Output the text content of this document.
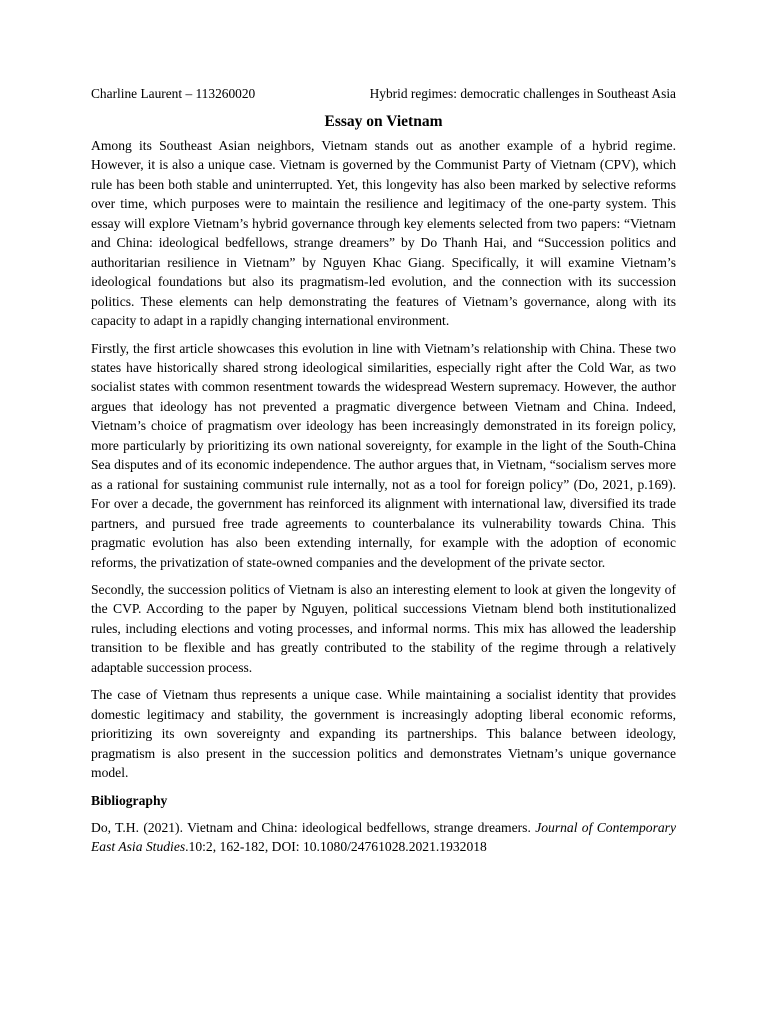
Charline Laurent – 113260020	Hybrid regimes: democratic challenges in Southeast Asia
Essay on Vietnam

Among its Southeast Asian neighbors, Vietnam stands out as another example of a hybrid regime. However, it is also a unique case. Vietnam is governed by the Communist Party of Vietnam (CPV), which rule has been both stable and uninterrupted. Yet, this longevity has also been marked by selective reforms over time, which purposes were to maintain the resilience and legitimacy of the one-party system. This essay will explore Vietnam’s hybrid governance through key elements selected from two papers: “Vietnam and China: ideological bedfellows, strange dreamers” by Do Thanh Hai, and “Succession politics and authoritarian resilience in Vietnam” by Nguyen Khac Giang. Specifically, it will examine Vietnam’s ideological foundations but also its pragmatism-led evolution, and the connection with its succession politics. These elements can help demonstrating the features of Vietnam’s governance, along with its capacity to adapt in a rapidly changing international environment.

Firstly, the first article showcases this evolution in line with Vietnam’s relationship with China. These two states have historically shared strong ideological similarities, especially right after the Cold War, as two socialist states with common resentment towards the widespread Western supremacy. However, the author argues that ideology has not prevented a pragmatic divergence between Vietnam and China. Indeed, Vietnam’s choice of pragmatism over ideology has been increasingly demonstrated in its foreign policy, more particularly by prioritizing its own national sovereignty, for example in the light of the South-China Sea disputes and of its economic independence. The author argues that, in Vietnam, “socialism serves more as a rational for sustaining communist rule internally, not as a tool for foreign policy” (Do, 2021, p.169). For over a decade, the government has reinforced its alignment with international law, diversified its trade partners, and pursued free trade agreements to counterbalance its vulnerability towards China. This pragmatic evolution has also been extending internally, for example with the adoption of economic reforms, the privatization of state-owned companies and the development of the private sector.

Secondly, the succession politics of Vietnam is also an interesting element to look at given the longevity of the CVP. According to the paper by Nguyen, political successions Vietnam blend both institutionalized rules, including elections and voting processes, and informal norms. This mix has allowed the leadership transition to be flexible and has greatly contributed to the stability of the regime through a relatively adaptable succession process.

The case of Vietnam thus represents a unique case. While maintaining a socialist identity that provides domestic legitimacy and stability, the government is increasingly adopting liberal economic reforms, prioritizing its own sovereignty and expanding its partnerships. This balance between ideology, pragmatism is also present in the succession politics and demonstrates Vietnam’s unique governance model.

Bibliography

Do, T.H. (2021). Vietnam and China: ideological bedfellows, strange dreamers. Journal of Contemporary East Asia Studies.10:2, 162-182, DOI: 10.1080/24761028.2021.1932018
